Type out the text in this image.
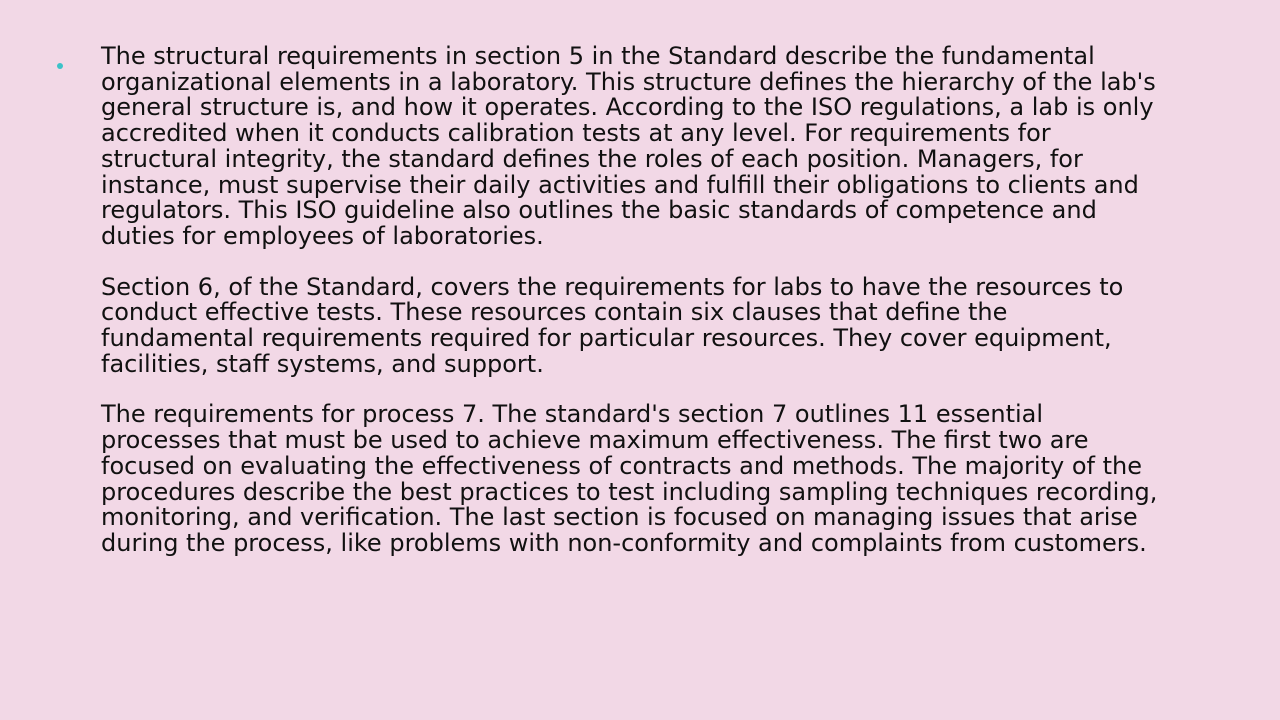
The structural requirements in section 5 in the Standard describe the fundamental organizational elements in a laboratory. This structure defines the hierarchy of the lab's general structure is, and how it operates. According to the ISO regulations, a lab is only accredited when it conducts calibration tests at any level. For requirements for structural integrity, the standard defines the roles of each position. Managers, for instance, must supervise their daily activities and fulfill their obligations to clients and regulators. This ISO guideline also outlines the basic standards of competence and duties for employees of laboratories.

Section 6, of the Standard, covers the requirements for labs to have the resources to conduct effective tests. These resources contain six clauses that define the fundamental requirements required for particular resources. They cover equipment, facilities, staff systems, and support.

The requirements for process 7. The standard's section 7 outlines 11 essential processes that must be used to achieve maximum effectiveness. The first two are focused on evaluating the effectiveness of contracts and methods. The majority of the procedures describe the best practices to test including sampling techniques recording, monitoring, and verification. The last section is focused on managing issues that arise during the process, like problems with non-conformity and complaints from customers.
